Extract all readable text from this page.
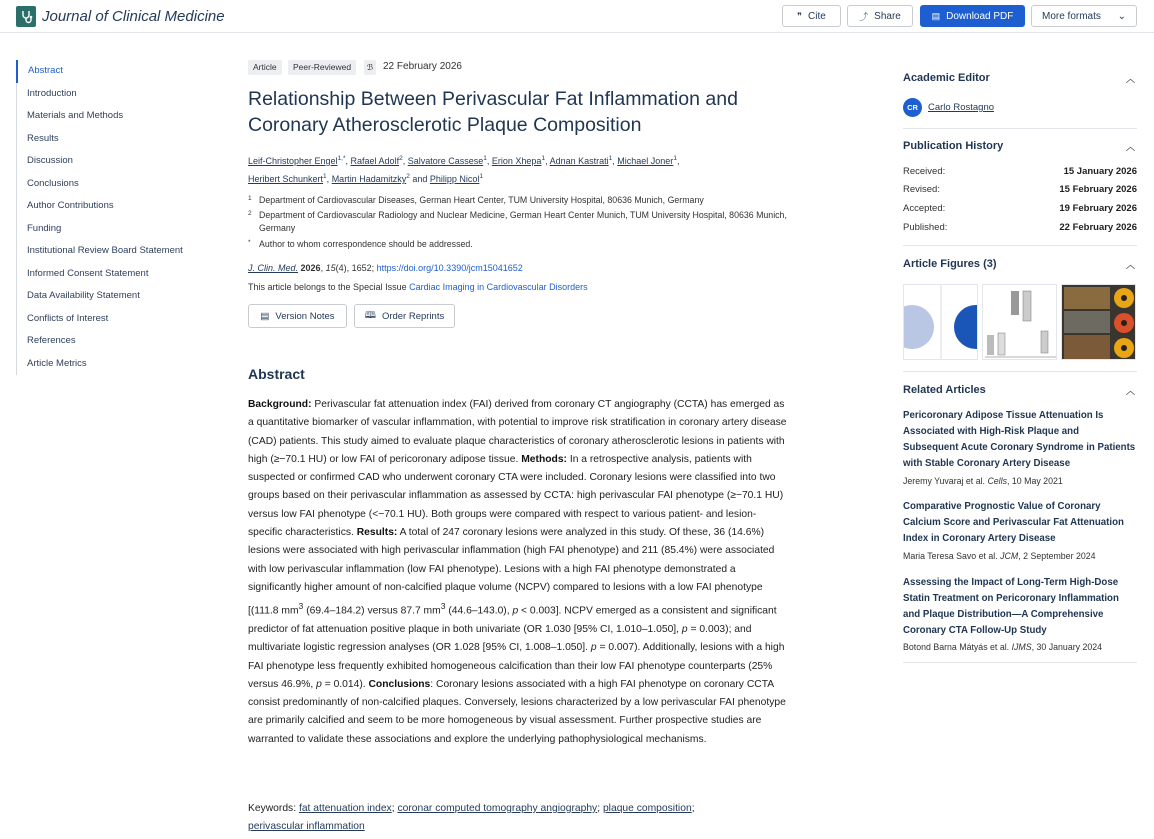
Journal of Clinical Medicine	❞ Cite	⤴ Share	▤ Download PDF	More formats ⌄
Abstract
Introduction
Materials and Methods
Results
Discussion
Conclusions
Author Contributions
Funding
Institutional Review Board Statement
Informed Consent Statement
Data Availability Statement
Conflicts of Interest
References
Article Metrics
Article	Peer-Reviewed	ℬ 22 February 2026
Relationship Between Perivascular Fat Inflammation and Coronary Atherosclerotic Plaque Composition
Leif-Christopher Engel$^{1,*}$, Rafael Adolf$^2$, Salvatore Cassese$^1$, Erion Xhepa$^1$, Adnan Kastrati$^1$, Michael Joner$^1$,
Heribert Schunkert$^1$, Martin Hadamitzky$^2$ and Philipp Nicol$^1$
1 Department of Cardiovascular Diseases, German Heart Center, TUM University Hospital, 80636 Munich, Germany
2 Department of Cardiovascular Radiology and Nuclear Medicine, German Heart Center Munich, TUM University Hospital, 80636 Munich, Germany
* Author to whom correspondence should be addressed.
J. Clin. Med. 2026, 15(4), 1652; https://doi.org/10.3390/jcm15041652
This article belongs to the Special Issue Cardiac Imaging in Cardiovascular Disorders
▤ Version Notes	🕮 Order Reprints
Abstract
Background: Perivascular fat attenuation index (FAI) derived from coronary CT angiography (CCTA) has emerged as a quantitative biomarker of vascular inflammation, with potential to improve risk stratification in coronary artery disease (CAD) patients. This study aimed to evaluate plaque characteristics of coronary atherosclerotic lesions in patients with high (≥−70.1 HU) or low FAI of pericoronary adipose tissue. Methods: In a retrospective analysis, patients with suspected or confirmed CAD who underwent coronary CTA were included. Coronary lesions were classified into two groups based on their perivascular inflammation as assessed by CCTA: high perivascular FAI phenotype (≥−70.1 HU) versus low FAI phenotype (<−70.1 HU). Both groups were compared with respect to various patient- and lesion-specific characteristics. Results: A total of 247 coronary lesions were analyzed in this study. Of these, 36 (14.6%) lesions were associated with high perivascular inflammation (high FAI phenotype) and 211 (85.4%) were associated with low perivascular inflammation (low FAI phenotype). Lesions with a high FAI phenotype demonstrated a significantly higher amount of non-calcified plaque volume (NCPV) compared to lesions with a low FAI phenotype [(111.8 $mm^3$ (69.4–184.2) versus 87.7 $mm^3$ (44.6–143.0), p < 0.003]. NCPV emerged as a consistent and significant predictor of fat attenuation positive plaque in both univariate (OR 1.030 [95% CI, 1.010–1.050], p = 0.003); and multivariate logistic regression analyses (OR 1.028 [95% CI, 1.008–1.050]. p = 0.007). Additionally, lesions with a high FAI phenotype less frequently exhibited homogeneous calcification than their low FAI phenotype counterparts (25% versus 46.9%, p = 0.014). Conclusions: Coronary lesions associated with a high FAI phenotype on coronary CCTA consist predominantly of non-calcified plaques. Conversely, lesions characterized by a low perivascular FAI phenotype are primarily calcified and seem to be more homogeneous by visual assessment. Further prospective studies are warranted to validate these associations and explore the underlying pathophysiological mechanisms.
Keywords: fat attenuation index; coronar computed tomography angiography; plaque composition;
perivascular inflammation
Academic Editor	︿
CR	Carlo Rostagno
Publication History	︿
Received:	15 January 2026
Revised:	15 February 2026
Accepted:	19 February 2026
Published:	22 February 2026
Article Figures (3)	︿
Related Articles	︿
Pericoronary Adipose Tissue Attenuation Is Associated with High-Risk Plaque and Subsequent Acute Coronary Syndrome in Patients with Stable Coronary Artery Disease
Jeremy Yuvaraj et al. Cells, 10 May 2021
Comparative Prognostic Value of Coronary Calcium Score and Perivascular Fat Attenuation Index in Coronary Artery Disease
Maria Teresa Savo et al. JCM, 2 September 2024
Assessing the Impact of Long-Term High-Dose Statin Treatment on Pericoronary Inflammation and Plaque Distribution—A Comprehensive Coronary CTA Follow-Up Study
Botond Barna Mátyás et al. IJMS, 30 January 2024
